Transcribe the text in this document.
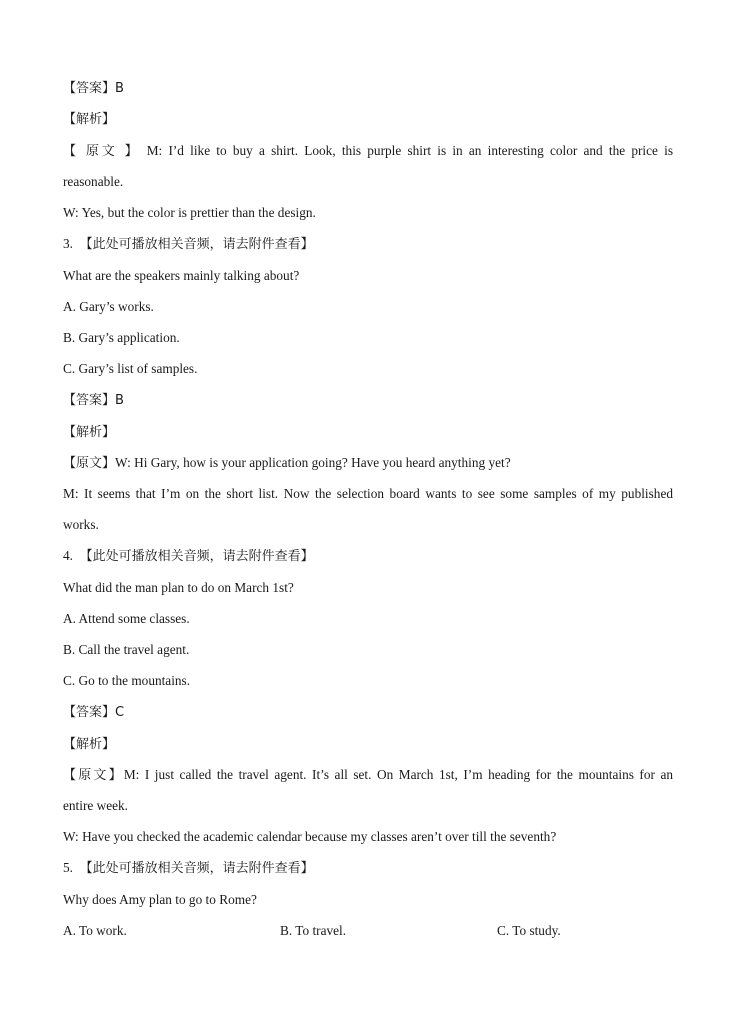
【答案】B
【解析】
【 原文 】 M: I’d like to buy a shirt. Look, this purple shirt is in an interesting color and the price is
reasonable.
W: Yes, but the color is prettier than the design.
3. 【此处可播放相关音频，请去附件查看】
What are the speakers mainly talking about?
A. Gary’s works.
B. Gary’s application.
C. Gary’s list of samples.
【答案】B
【解析】
【原文】W: Hi Gary, how is your application going? Have you heard anything yet?
M: It seems that I’m on the short list. Now the selection board wants to see some samples of my published
works.
4. 【此处可播放相关音频，请去附件查看】
What did the man plan to do on March 1st?
A. Attend some classes.
B. Call the travel agent.
C. Go to the mountains.
【答案】C
【解析】
【原文】M: I just called the travel agent. It’s all set. On March 1st, I’m heading for the mountains for an
entire week.
W: Have you checked the academic calendar because my classes aren’t over till the seventh?
5. 【此处可播放相关音频，请去附件查看】
Why does Amy plan to go to Rome?
A. To work.	B. To travel.	C. To study.
